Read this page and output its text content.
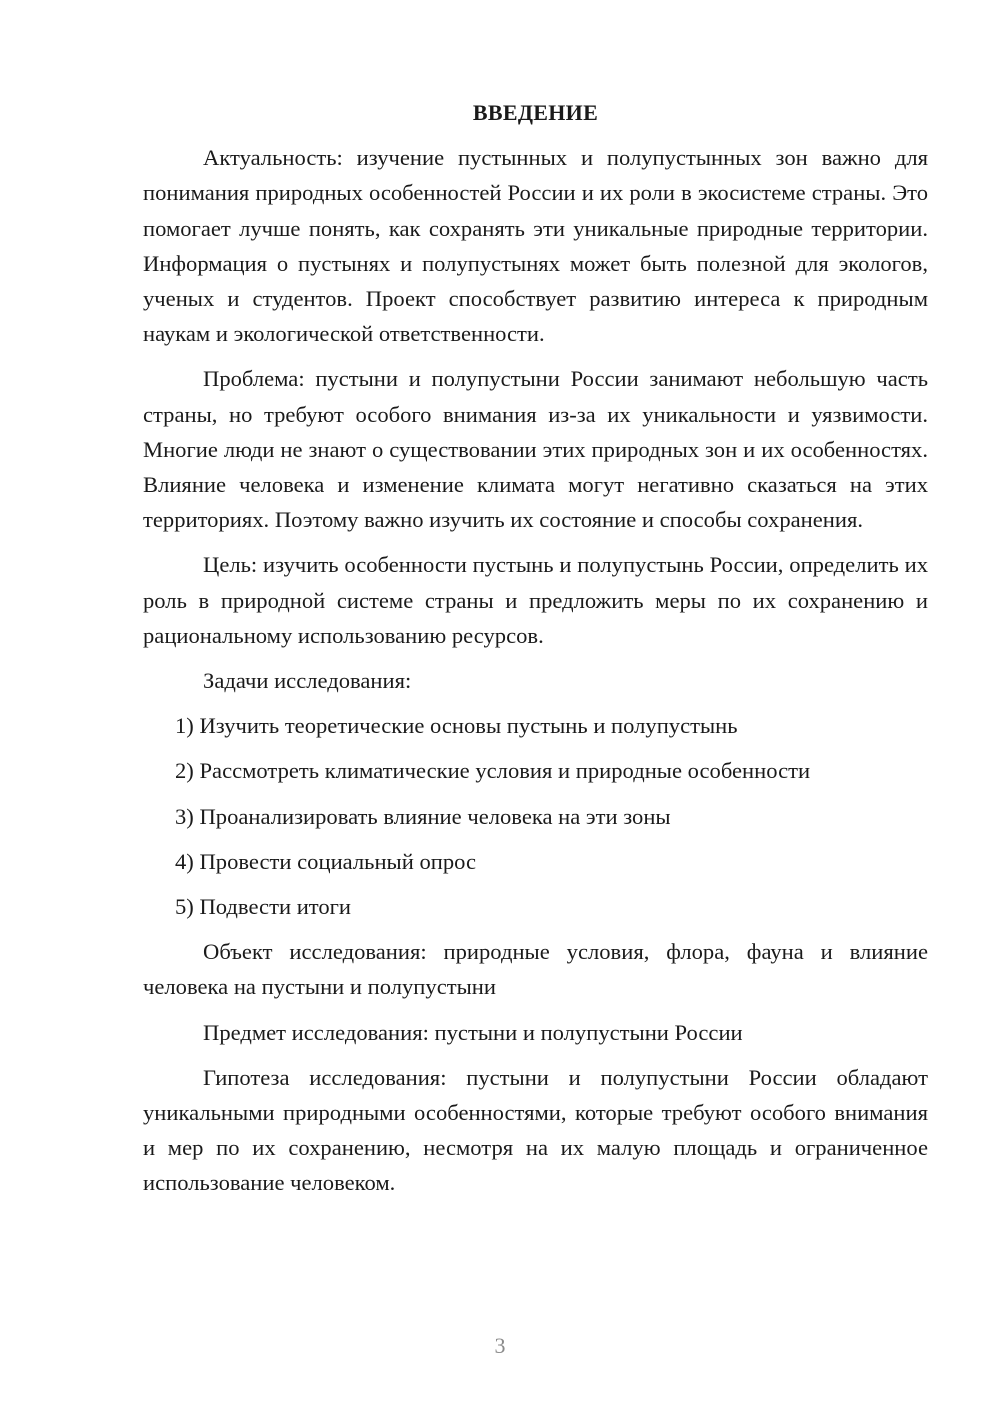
ВВЕДЕНИЕ

Актуальность: изучение пустынных и полупустынных зон важно для понимания природных особенностей России и их роли в экосистеме страны. Это помогает лучше понять, как сохранять эти уникальные природные территории. Информация о пустынях и полупустынях может быть полезной для экологов, ученых и студентов. Проект способствует развитию интереса к природным наукам и экологической ответственности.

Проблема: пустыни и полупустыни России занимают небольшую часть страны, но требуют особого внимания из-за их уникальности и уязвимости. Многие люди не знают о существовании этих природных зон и их особенностях. Влияние человека и изменение климата могут негативно сказаться на этих территориях. Поэтому важно изучить их состояние и способы сохранения.

Цель: изучить особенности пустынь и полупустынь России, определить их роль в природной системе страны и предложить меры по их сохранению и рациональному использованию ресурсов.

Задачи исследования:

1) Изучить теоретические основы пустынь и полупустынь

2) Рассмотреть климатические условия и природные особенности

3) Проанализировать влияние человека на эти зоны

4) Провести социальный опрос

5) Подвести итоги

Объект исследования: природные условия, флора, фауна и влияние человека на пустыни и полупустыни

Предмет исследования: пустыни и полупустыни России

Гипотеза исследования: пустыни и полупустыни России обладают уникальными природными особенностями, которые требуют особого внимания и мер по их сохранению, несмотря на их малую площадь и ограниченное использование человеком.

3
